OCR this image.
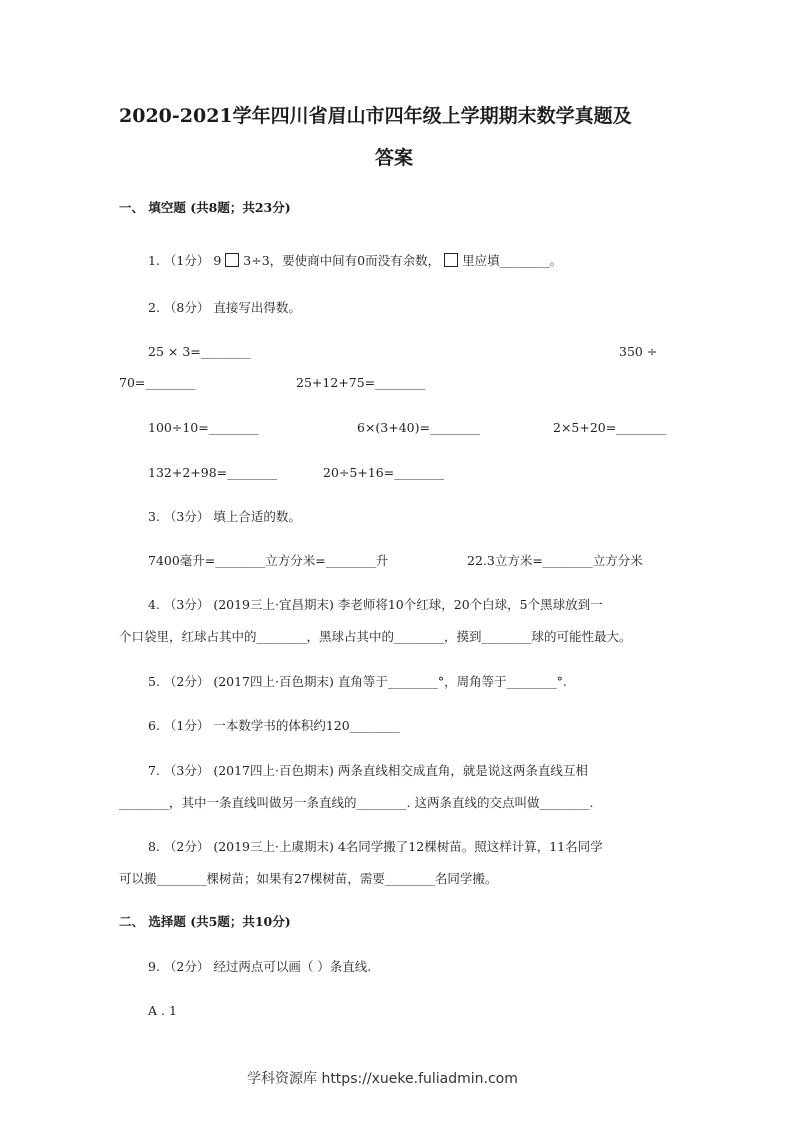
2020-2021学年四川省眉山市四年级上学期期末数学真题及
答案
一、 填空题 (共8题；共23分)
1. （1分） 9 3÷3，要使商中间有0而没有余数， 里应填________。
2. （8分） 直接写出得数。
25 × 3=________	350 ÷
70=________	25+12+75=________
100÷10=________	6×(3+40)=________	2×5+20=________
132+2+98=________	20÷5+16=________
3. （3分） 填上合适的数。
7400毫升=________立方分米=________升	22.3立方米=________立方分米
4. （3分） (2019三上·宜昌期末) 李老师将10个红球，20个白球，5个黑球放到一
个口袋里，红球占其中的________，黑球占其中的________，摸到________球的可能性最大。
5. （2分） (2017四上·百色期末) 直角等于________°，周角等于________°.
6. （1分） 一本数学书的体积约120________
7. （3分） (2017四上·百色期末) 两条直线相交成直角，就是说这两条直线互相
________，其中一条直线叫做另一条直线的________. 这两条直线的交点叫做________.
8. （2分） (2019三上·上虞期末) 4名同学搬了12棵树苗。照这样计算，11名同学
可以搬________棵树苗；如果有27棵树苗，需要________名同学搬。
二、 选择题 (共5题；共10分)
9. （2分） 经过两点可以画（ ）条直线.
A . 1
学科资源库 https://xueke.fuliadmin.com
